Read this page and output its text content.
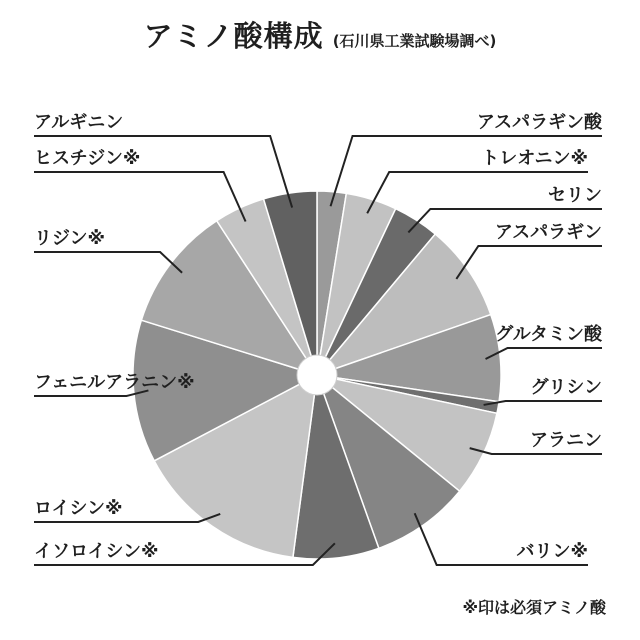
アミノ酸構成 (石川県工業試験場調べ)
アスパラギン酸
トレオニン※
セリン
アスパラギン
グルタミン酸
グリシン
アラニン
バリン※
イソロイシン※
ロイシン※
フェニルアラニン※
リジン※
ヒスチジン※
アルギニン
※印は必須アミノ酸
